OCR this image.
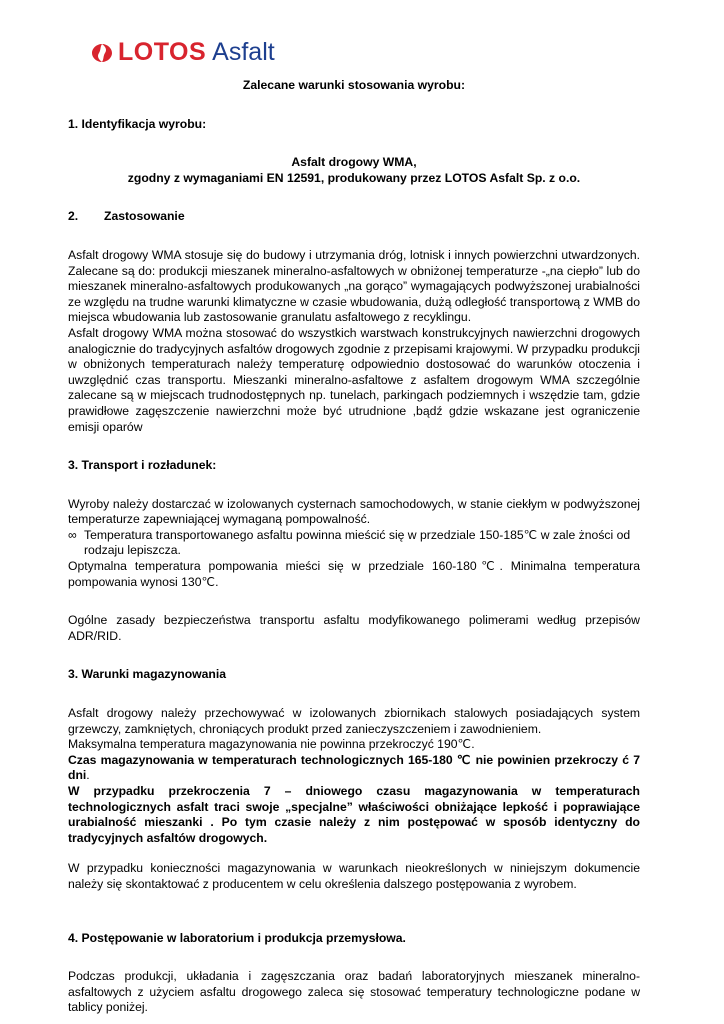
LOTOS Asfalt

Zalecane warunki stosowania wyrobu:

1. Identyfikacja wyrobu:

Asfalt drogowy WMA,

zgodny z wymaganiami EN 12591, produkowany przez LOTOS Asfalt Sp. z o.o.

2.	Zastosowanie

Asfalt drogowy WMA stosuje się do budowy i utrzymania dróg, lotnisk i innych powierzchni utwardzonych. Zalecane są do: produkcji mieszanek mineralno-asfaltowych w obniżonej temperaturze -„na ciepło” lub do mieszanek mineralno-asfaltowych produkowanych „na gorąco” wymagających podwyższonej urabialności ze względu na trudne warunki klimatyczne w czasie wbudowania, dużą odległość transportową z WMB do miejsca wbudowania lub zastosowanie granulatu asfaltowego z recyklingu.

Asfalt drogowy WMA można stosować do wszystkich warstwach konstrukcyjnych nawierzchni drogowych analogicznie do tradycyjnych asfaltów drogowych zgodnie z przepisami krajowymi. W przypadku produkcji w obniżonych temperaturach należy temperaturę odpowiednio dostosować do warunków otoczenia i uwzględnić czas transportu. Mieszanki mineralno-asfaltowe z asfaltem drogowym WMA szczególnie zalecane są w miejscach trudnodostępnych np. tunelach, parkingach podziemnych i wszędzie tam, gdzie prawidłowe zagęszczenie nawierzchni może być utrudnione ,bądź gdzie wskazane jest ograniczenie emisji oparów

3. Transport i rozładunek:

Wyroby należy dostarczać w izolowanych cysternach samochodowych, w stanie ciekłym w podwyższonej temperaturze zapewniającej wymaganą pompowalność.

∞ Temperatura transportowanego asfaltu powinna mieścić się w przedziale 150-185℃ w zale żności od rodzaju lepiszcza.

Optymalna temperatura pompowania mieści się w przedziale 160-180℃. Minimalna temperatura pompowania wynosi 130℃.

Ogólne zasady bezpieczeństwa transportu asfaltu modyfikowanego polimerami według przepisów ADR/RID.

3. Warunki magazynowania

Asfalt drogowy należy przechowywać w izolowanych zbiornikach stalowych posiadających system grzewczy, zamkniętych, chroniących produkt przed zanieczyszczeniem i zawodnieniem.

Maksymalna temperatura magazynowania nie powinna przekroczyć 190℃.

Czas magazynowania w temperaturach technologicznych 165-180 ℃ nie powinien przekroczy ć 7 dni.

W przypadku przekroczenia 7 – dniowego czasu magazynowania w temperaturach technologicznych asfalt traci swoje „specjalne” właściwości obniżające lepkość i poprawiające urabialność mieszanki . Po tym czasie należy z nim postępować w sposób identyczny do tradycyjnych asfaltów drogowych.

W przypadku konieczności magazynowania w warunkach nieokreślonych w niniejszym dokumencie należy się skontaktować z producentem w celu określenia dalszego postępowania z wyrobem.

4. Postępowanie w laboratorium i produkcja przemysłowa.

Podczas produkcji, układania i zagęszczania oraz badań laboratoryjnych mieszanek mineralno-asfaltowych z użyciem asfaltu drogowego zaleca się stosować temperatury technologiczne podane w tablicy poniżej.
